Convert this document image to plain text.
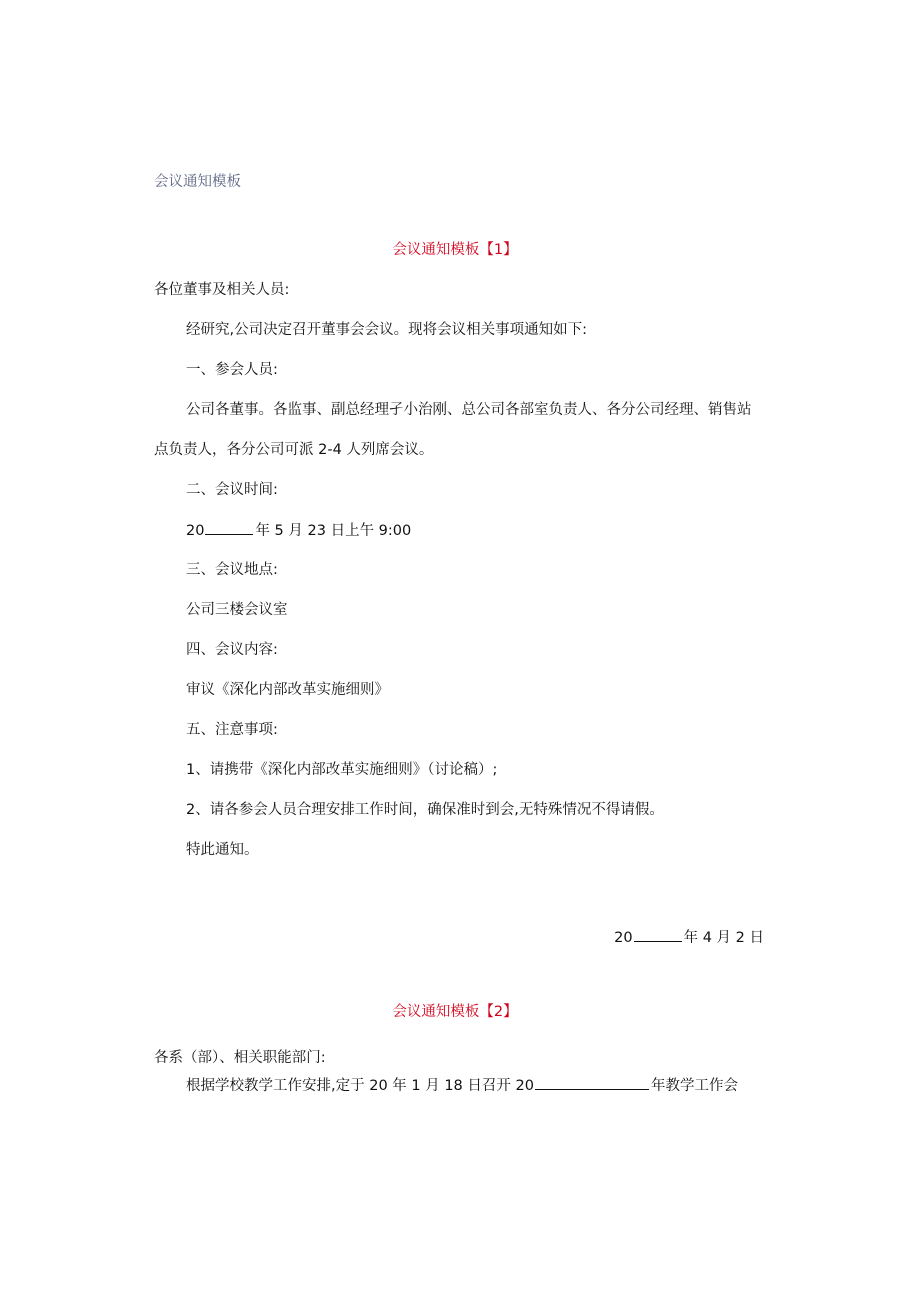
会议通知模板
会议通知模板【1】
各位董事及相关人员:
经研究,公司决定召开董事会会议。现将会议相关事项通知如下:
一、参会人员:
公司各董事。各监事、副总经理孑小治刚、总公司各部室负责人、各分公司经理、销售站
点负责人，各分公司可派 2-4 人列席会议。
二、会议时间:
20	年 5 月 23 日上午 9:00
三、会议地点:
公司三楼会议室
四、会议内容:
审议《深化内部改革实施细则》
五、注意事项:
1、请携带《深化内部改革实施细则》（讨论稿）;
2、请各参会人员合理安排工作时间，确保准时到会,无特殊情况不得请假。
特此通知。
20	年 4 月 2 日
会议通知模板【2】
各系（部）、相关职能部门:
根据学校教学工作安排,定于 20 年 1 月 18 日召开 20	年教学工作会
